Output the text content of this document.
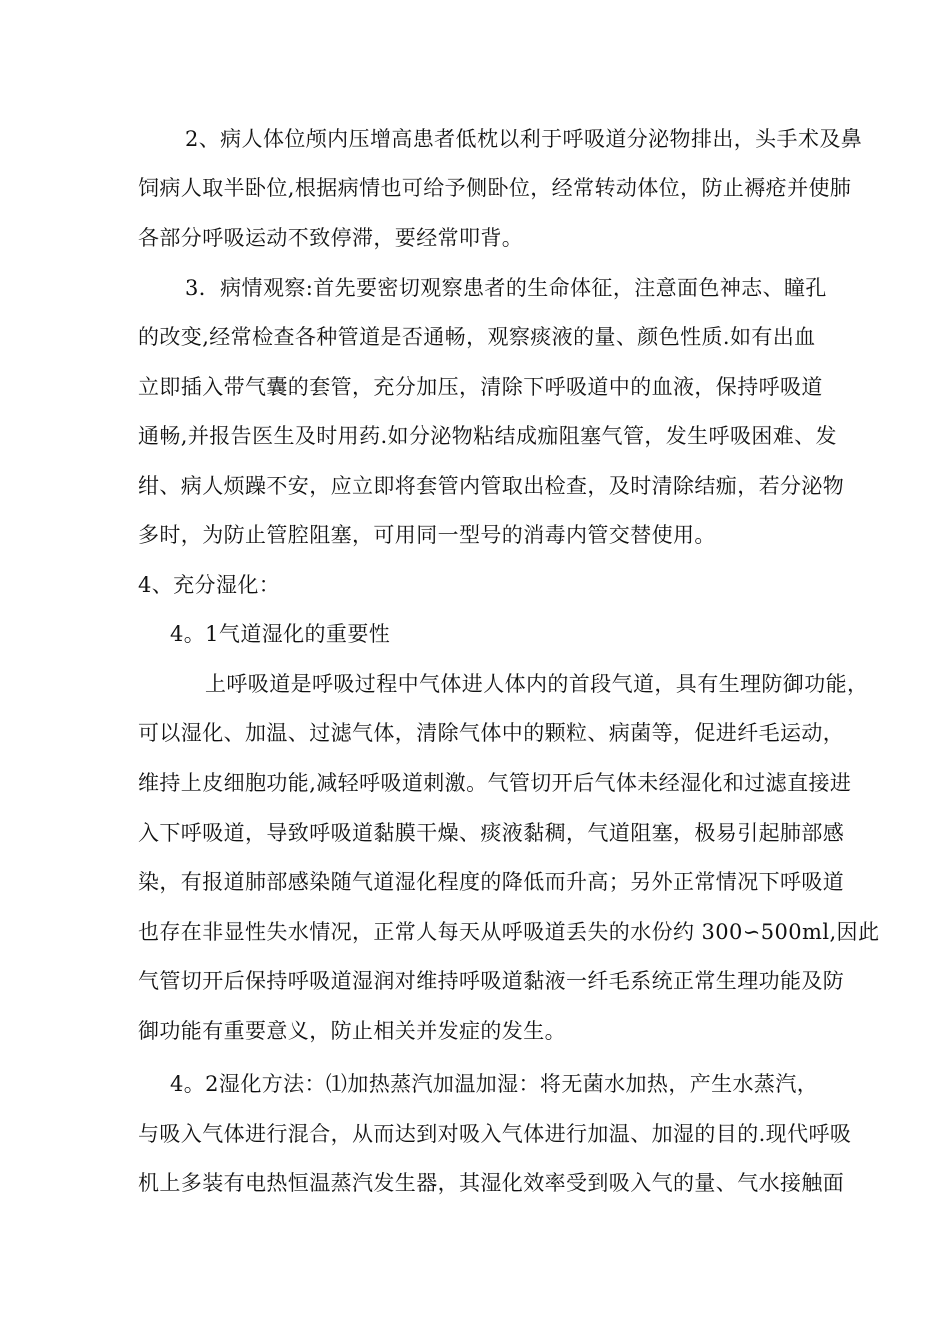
2、病人体位颅内压增高患者低枕以利于呼吸道分泌物排出，头手术及鼻
饲病人取半卧位,根据病情也可给予侧卧位，经常转动体位，防止褥疮并使肺
各部分呼吸运动不致停滞，要经常叩背。
3．病情观察:首先要密切观察患者的生命体征，注意面色神志、瞳孔
的改变,经常检查各种管道是否通畅，观察痰液的量、颜色性质.如有出血
立即插入带气囊的套管，充分加压，清除下呼吸道中的血液，保持呼吸道
通畅,并报告医生及时用药.如分泌物粘结成痂阻塞气管，发生呼吸困难、发
绀、病人烦躁不安，应立即将套管内管取出检查，及时清除结痂，若分泌物
多时，为防止管腔阻塞，可用同一型号的消毒内管交替使用。
4、充分湿化：
4。1气道湿化的重要性
上呼吸道是呼吸过程中气体进人体内的首段气道，具有生理防御功能，
可以湿化、加温、过滤气体，清除气体中的颗粒、病菌等，促进纤毛运动，
维持上皮细胞功能,减轻呼吸道刺激。气管切开后气体未经湿化和过滤直接进
入下呼吸道，导致呼吸道黏膜干燥、痰液黏稠，气道阻塞，极易引起肺部感
染，有报道肺部感染随气道湿化程度的降低而升高；另外正常情况下呼吸道
也存在非显性失水情况，正常人每天从呼吸道丢失的水份约 300∽500ml,因此
气管切开后保持呼吸道湿润对维持呼吸道黏液一纤毛系统正常生理功能及防
御功能有重要意义，防止相关并发症的发生。
4。2湿化方法：⑴加热蒸汽加温加湿：将无菌水加热，产生水蒸汽，
与吸入气体进行混合，从而达到对吸入气体进行加温、加湿的目的.现代呼吸
机上多装有电热恒温蒸汽发生器，其湿化效率受到吸入气的量、气水接触面
